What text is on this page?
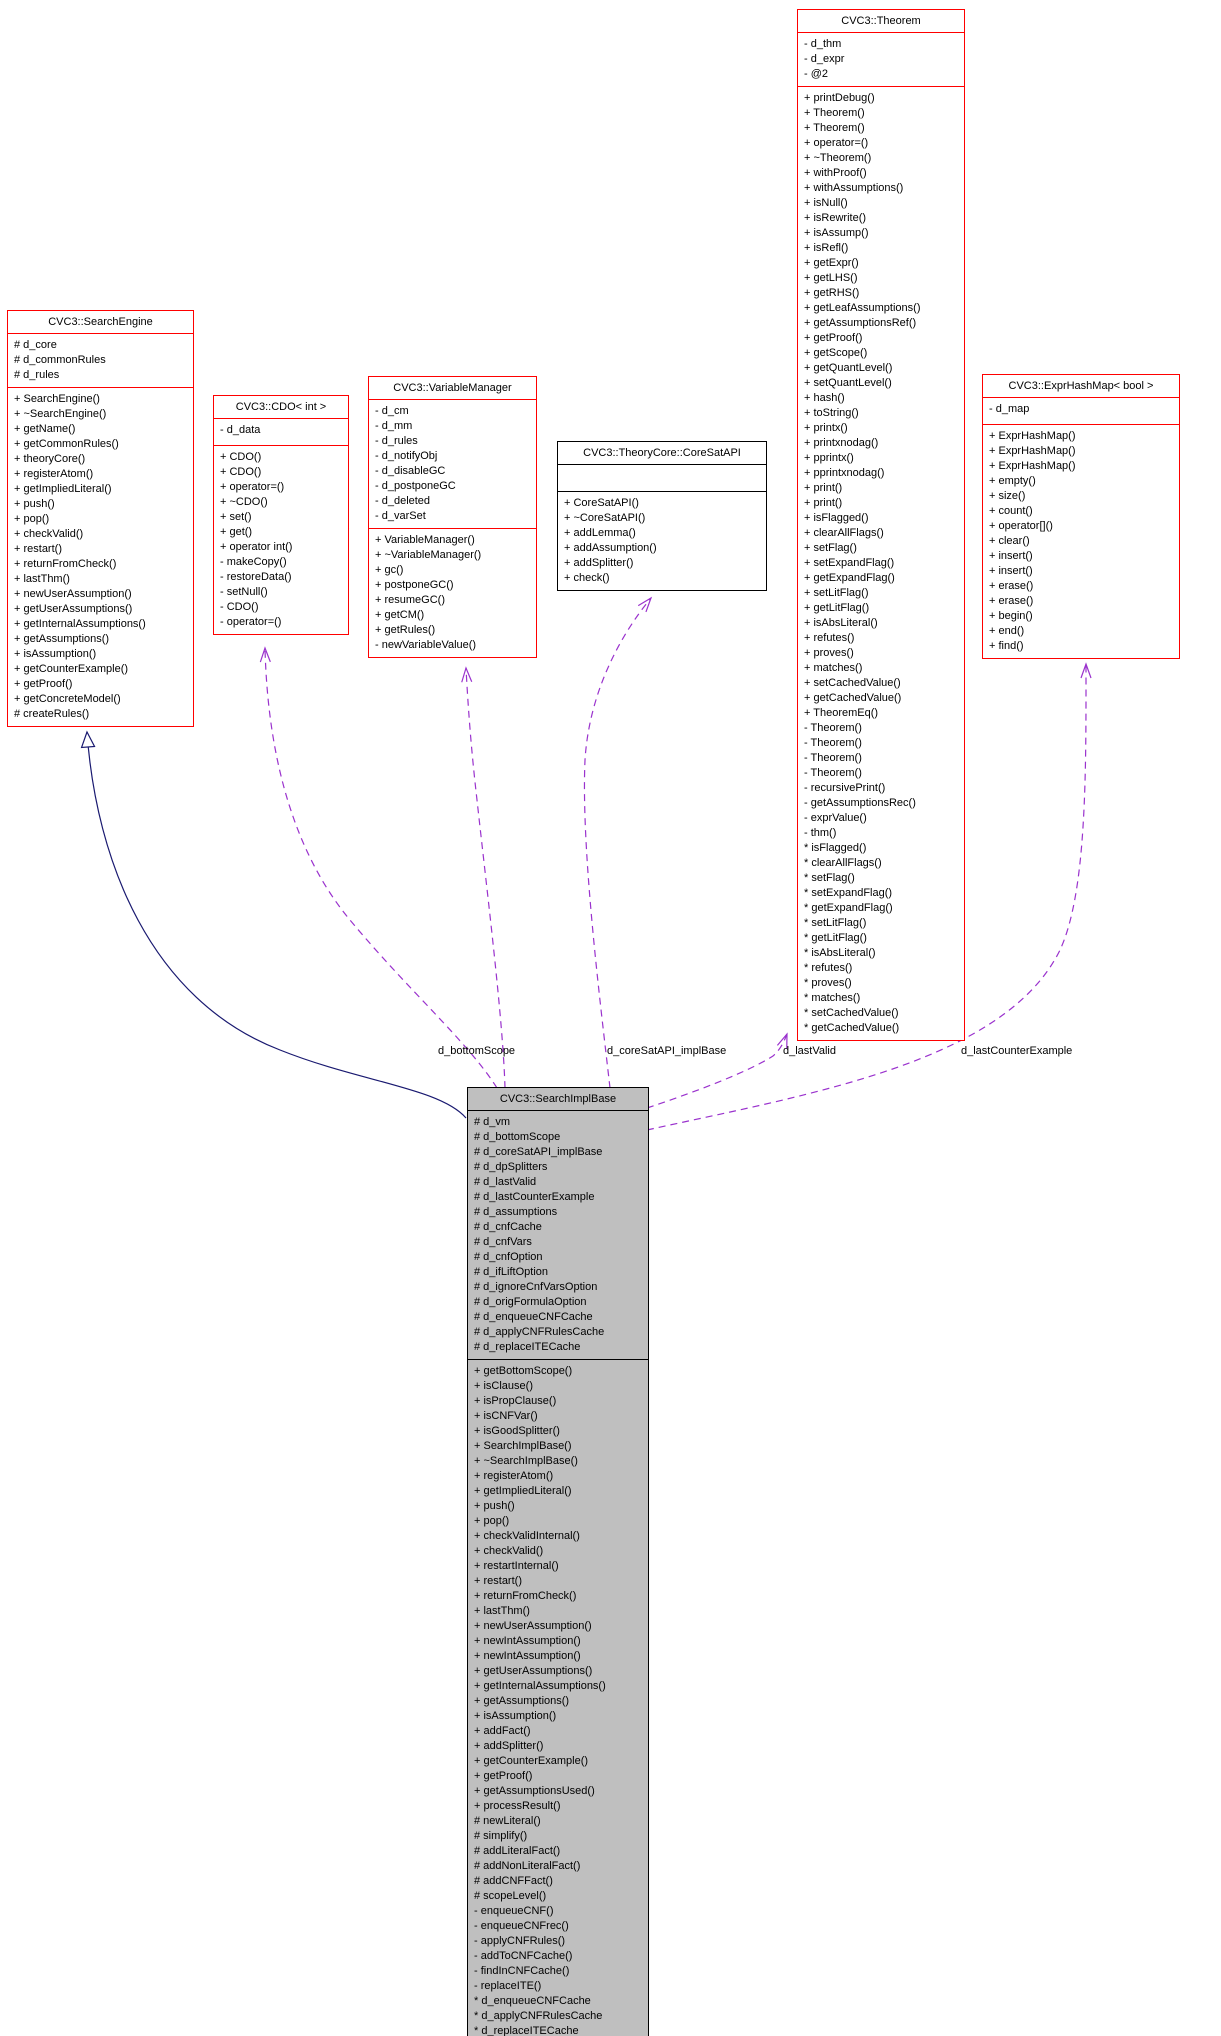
CVC3::SearchEngine
# d_core
# d_commonRules
# d_rules
+ SearchEngine()
+ ~SearchEngine()
+ getName()
+ getCommonRules()
+ theoryCore()
+ registerAtom()
+ getImpliedLiteral()
+ push()
+ pop()
+ checkValid()
+ restart()
+ returnFromCheck()
+ lastThm()
+ newUserAssumption()
+ getUserAssumptions()
+ getInternalAssumptions()
+ getAssumptions()
+ isAssumption()
+ getCounterExample()
+ getProof()
+ getConcreteModel()
# createRules()
CVC3::CDO< int >
- d_data
+ CDO()
+ CDO()
+ operator=()
+ ~CDO()
+ set()
+ get()
+ operator int()
- makeCopy()
- restoreData()
- setNull()
- CDO()
- operator=()
CVC3::VariableManager
- d_cm
- d_mm
- d_rules
- d_notifyObj
- d_disableGC
- d_postponeGC
- d_deleted
- d_varSet
+ VariableManager()
+ ~VariableManager()
+ gc()
+ postponeGC()
+ resumeGC()
+ getCM()
+ getRules()
- newVariableValue()
CVC3::TheoryCore::CoreSatAPI
+ CoreSatAPI()
+ ~CoreSatAPI()
+ addLemma()
+ addAssumption()
+ addSplitter()
+ check()
CVC3::Theorem
- d_thm
- d_expr
- @2
+ printDebug()
+ Theorem()
+ Theorem()
+ operator=()
+ ~Theorem()
+ withProof()
+ withAssumptions()
+ isNull()
+ isRewrite()
+ isAssump()
+ isRefl()
+ getExpr()
+ getLHS()
+ getRHS()
+ getLeafAssumptions()
+ getAssumptionsRef()
+ getProof()
+ getScope()
+ getQuantLevel()
+ setQuantLevel()
+ hash()
+ toString()
+ printx()
+ printxnodag()
+ pprintx()
+ pprintxnodag()
+ print()
+ print()
+ isFlagged()
+ clearAllFlags()
+ setFlag()
+ setExpandFlag()
+ getExpandFlag()
+ setLitFlag()
+ getLitFlag()
+ isAbsLiteral()
+ refutes()
+ proves()
+ matches()
+ setCachedValue()
+ getCachedValue()
+ TheoremEq()
- Theorem()
- Theorem()
- Theorem()
- Theorem()
- recursivePrint()
- getAssumptionsRec()
- exprValue()
- thm()
* isFlagged()
* clearAllFlags()
* setFlag()
* setExpandFlag()
* getExpandFlag()
* setLitFlag()
* getLitFlag()
* isAbsLiteral()
* refutes()
* proves()
* matches()
* setCachedValue()
* getCachedValue()
CVC3::ExprHashMap< bool >
- d_map
+ ExprHashMap()
+ ExprHashMap()
+ ExprHashMap()
+ empty()
+ size()
+ count()
+ operator[]()
+ clear()
+ insert()
+ insert()
+ erase()
+ erase()
+ begin()
+ end()
+ find()
CVC3::SearchImplBase
# d_vm
# d_bottomScope
# d_coreSatAPI_implBase
# d_dpSplitters
# d_lastValid
# d_lastCounterExample
# d_assumptions
# d_cnfCache
# d_cnfVars
# d_cnfOption
# d_ifLiftOption
# d_ignoreCnfVarsOption
# d_origFormulaOption
# d_enqueueCNFCache
# d_applyCNFRulesCache
# d_replaceITECache
+ getBottomScope()
+ isClause()
+ isPropClause()
+ isCNFVar()
+ isGoodSplitter()
+ SearchImplBase()
+ ~SearchImplBase()
+ registerAtom()
+ getImpliedLiteral()
+ push()
+ pop()
+ checkValidInternal()
+ checkValid()
+ restartInternal()
+ restart()
+ returnFromCheck()
+ lastThm()
+ newUserAssumption()
+ newIntAssumption()
+ newIntAssumption()
+ getUserAssumptions()
+ getInternalAssumptions()
+ getAssumptions()
+ isAssumption()
+ addFact()
+ addSplitter()
+ getCounterExample()
+ getProof()
+ getAssumptionsUsed()
+ processResult()
# newLiteral()
# simplify()
# addLiteralFact()
# addNonLiteralFact()
# addCNFFact()
# scopeLevel()
- enqueueCNF()
- enqueueCNFrec()
- applyCNFRules()
- addToCNFCache()
- findInCNFCache()
- replaceITE()
* d_enqueueCNFCache
* d_applyCNFRulesCache
* d_replaceITECache
d_bottomScope	d_coreSatAPI_implBase	d_lastValid	d_lastCounterExample
